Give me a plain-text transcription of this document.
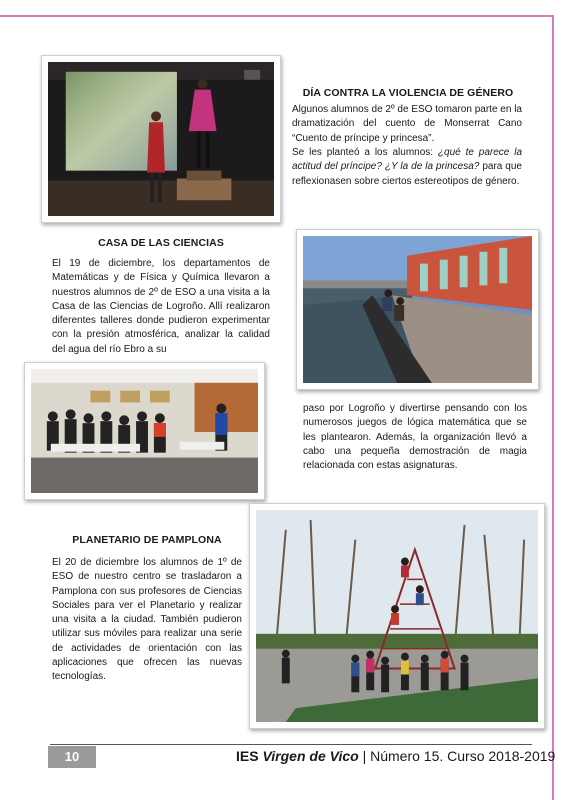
DÍA CONTRA LA VIOLENCIA DE GÉNERO

Algunos alumnos de 2º de ESO tomaron parte en la dramatización del cuento de Monserrat Cano “Cuento de príncipe y princesa”.

Se les planteó a los alumnos: ¿qué te parece la actitud del príncipe? ¿Y la de la princesa? para que reflexionasen sobre ciertos estereotipos de género.

CASA DE LAS CIENCIAS

El 19 de diciembre, los departamentos de Matemáticas y de Física y Química llevaron a nuestros alumnos de 2º de ESO a una visita a la Casa de las Ciencias de Logroño. Allí realizaron diferentes talleres donde pudieron experimentar con la presión atmosférica, analizar la calidad del agua del río Ebro a su

paso por Logroño y divertirse pensando con los numerosos juegos de lógica matemática que se les plantearon. Además, la organización llevó a cabo una pequeña demostración de magia relacionada con estas asignaturas.

PLANETARIO DE PAMPLONA

El 20 de diciembre los alumnos de 1º de ESO de nuestro centro se trasladaron a Pamplona con sus profesores de Ciencias Sociales para ver el Planetario y realizar una visita a la ciudad. También pudieron utilizar sus móviles para realizar una serie de actividades de orientación con las aplicaciones que ofrecen las nuevas tecnologías.

10	IES Virgen de Vico | Número 15. Curso 2018-2019
